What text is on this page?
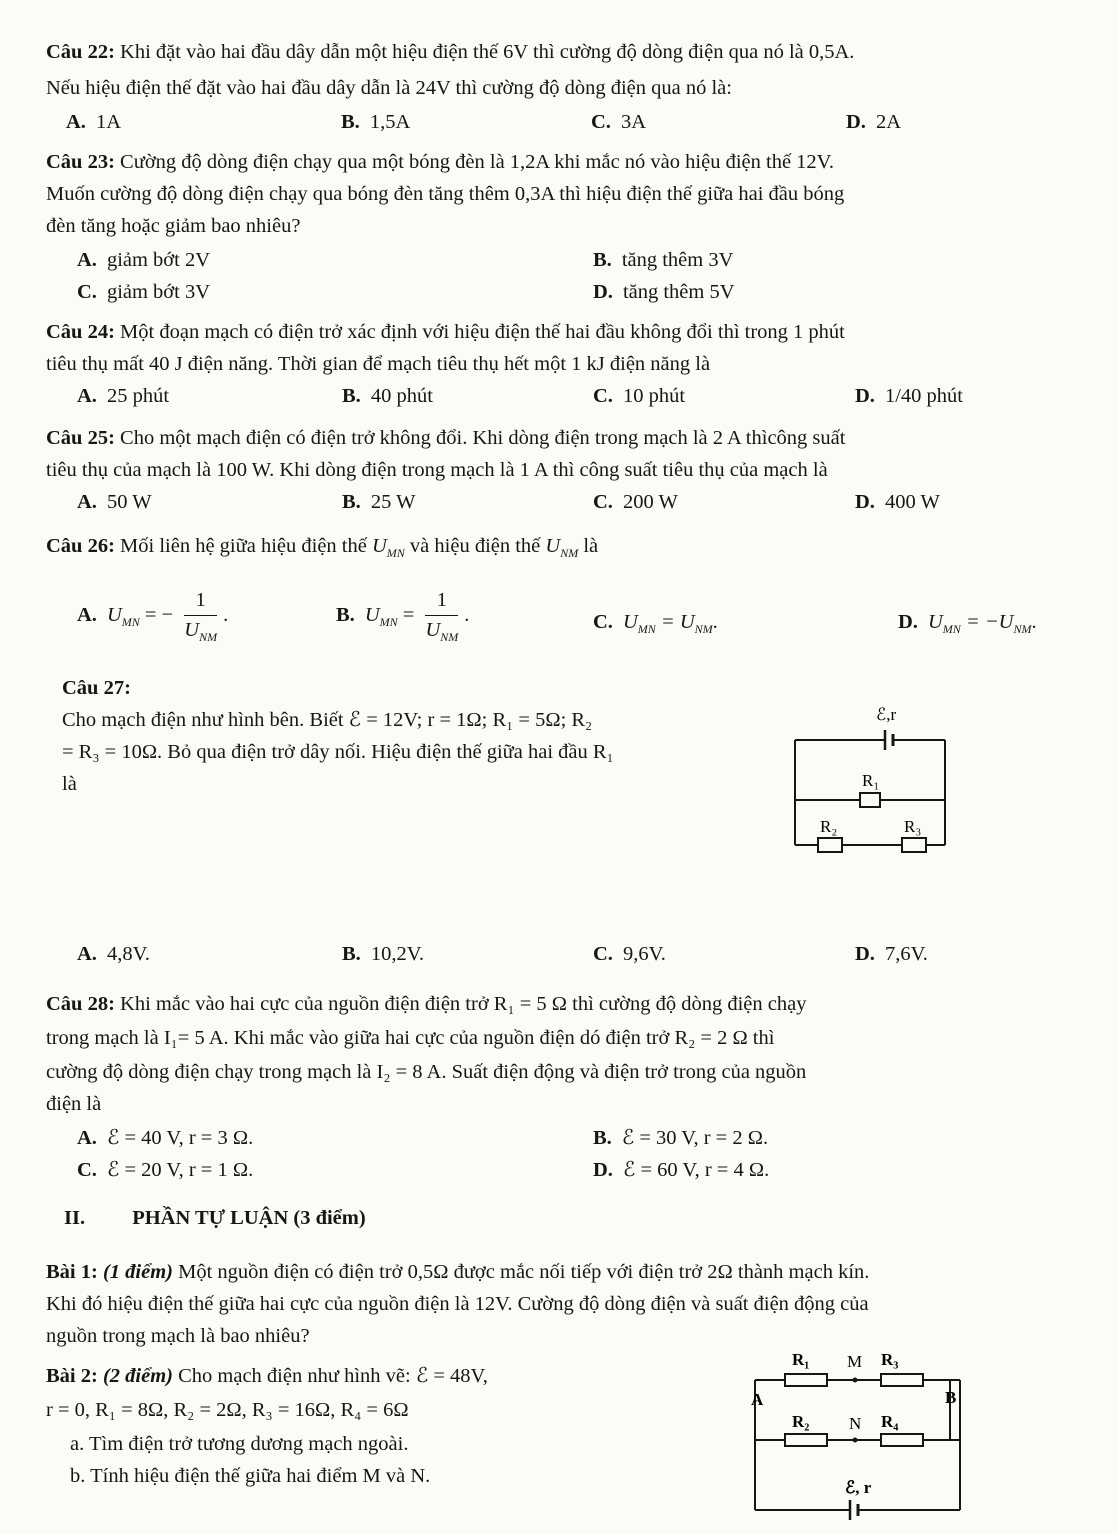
Câu 22: Khi đặt vào hai đầu dây dẫn một hiệu điện thế 6V thì cường độ dòng điện qua nó là 0,5A.
Nếu hiệu điện thế đặt vào hai đầu dây dẫn là 24V thì cường độ dòng điện qua nó là:
A. 1A	B. 1,5A	C. 3A	D. 2A
Câu 23: Cường độ dòng điện chạy qua một bóng đèn là 1,2A khi mắc nó vào hiệu điện thế 12V.
Muốn cường độ dòng điện chạy qua bóng đèn tăng thêm 0,3A thì hiệu điện thế giữa hai đầu bóng
đèn tăng hoặc giảm bao nhiêu?
A. giảm bớt 2V	B. tăng thêm 3V
C. giảm bớt 3V	D. tăng thêm 5V
Câu 24: Một đoạn mạch có điện trở xác định với hiệu điện thế hai đầu không đổi thì trong 1 phút
tiêu thụ mất 40 J điện năng. Thời gian để mạch tiêu thụ hết một 1 kJ điện năng là
A. 25 phút	B. 40 phút	C. 10 phút	D. 1/40 phút
Câu 25: Cho một mạch điện có điện trở không đổi. Khi dòng điện trong mạch là 2 A thìcông suất
tiêu thụ của mạch là 100 W. Khi dòng điện trong mạch là 1 A thì công suất tiêu thụ của mạch là
A. 50 W	B. 25 W	C. 200 W	D. 400 W
Câu 26: Mối liên hệ giữa hiệu điện thế $U_{MN}$ và hiệu điện thế $U_{NM}$ là
A. $U_{MN}$ = − $\frac{1}{U_{NM}}$ .	B. $U_{MN} = \frac{1}{U_{NM}}$ .	C. $U_{MN} = U_{NM}$.	D. $U_{MN} = -U_{NM}$.
Câu 27:
Cho mạch điện như hình bên. Biết ℰ = 12V; r = 1Ω; R₁ = 5Ω; R₂
= R₃ = 10Ω. Bỏ qua điện trở dây nối. Hiệu điện thế giữa hai đầu R₁
là
ℰ,r
R₁
R₂	R₃
A. 4,8V.	B. 10,2V.	C. 9,6V.	D. 7,6V.
Câu 28: Khi mắc vào hai cực của nguồn điện điện trở R₁ = 5 Ω thì cường độ dòng điện chạy
trong mạch là I₁= 5 A. Khi mắc vào giữa hai cực của nguồn điện dó điện trở R₂ = 2 Ω thì
cường độ dòng điện chạy trong mạch là I₂ = 8 A. Suất điện động và điện trở trong của nguồn
điện là
A. ℰ = 40 V, r = 3 Ω.	B. ℰ = 30 V, r = 2 Ω.
C. ℰ = 20 V, r = 1 Ω.	D. ℰ = 60 V, r = 4 Ω.
II. PHẦN TỰ LUẬN (3 điểm)
Bài 1: (1 điểm) Một nguồn điện có điện trở 0,5Ω được mắc nối tiếp với điện trở 2Ω thành mạch kín.
Khi đó hiệu điện thế giữa hai cực của nguồn điện là 12V. Cường độ dòng điện và suất điện động của
nguồn trong mạch là bao nhiêu?
Bài 2: (2 điểm) Cho mạch điện như hình vẽ: ℰ = 48V,
r = 0, R₁ = 8Ω, R₂ = 2Ω, R₃ = 16Ω, R₄ = 6Ω
a. Tìm điện trở tương dương mạch ngoài.
b. Tính hiệu điện thế giữa hai điểm M và N.
R₁ M R₃
A	B
R₂ N R₄
ℰ, r
